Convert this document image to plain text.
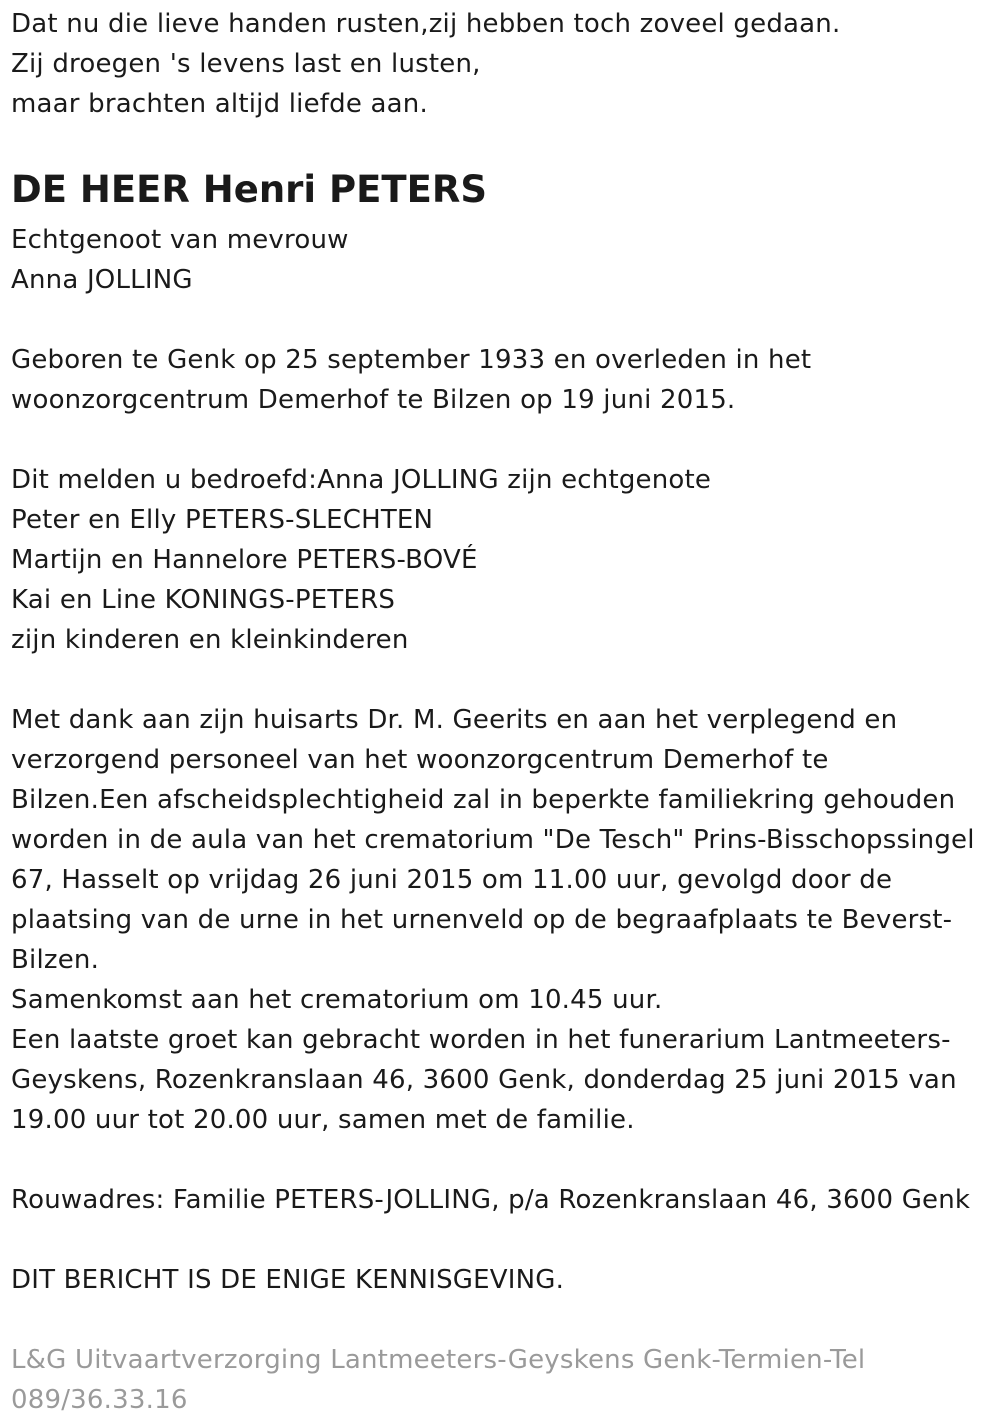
Dat nu die lieve handen rusten,zij hebben toch zoveel gedaan.
Zij droegen 's levens last en lusten,
maar brachten altijd liefde aan.
DE HEER Henri PETERS
Echtgenoot van mevrouw
Anna JOLLING
Geboren te Genk op 25 september 1933 en overleden in het
woonzorgcentrum Demerhof te Bilzen op 19 juni 2015.
Dit melden u bedroefd:Anna JOLLING zijn echtgenote
Peter en Elly PETERS-SLECHTEN
Martijn en Hannelore PETERS-BOVÉ
Kai en Line KONINGS-PETERS
zijn kinderen en kleinkinderen
Met dank aan zijn huisarts Dr. M. Geerits en aan het verplegend en
verzorgend personeel van het woonzorgcentrum Demerhof te
Bilzen.Een afscheidsplechtigheid zal in beperkte familiekring gehouden
worden in de aula van het crematorium "De Tesch" Prins-Bisschopssingel
67, Hasselt op vrijdag 26 juni 2015 om 11.00 uur, gevolgd door de
plaatsing van de urne in het urnenveld op de begraafplaats te Beverst-
Bilzen.
Samenkomst aan het crematorium om 10.45 uur.
Een laatste groet kan gebracht worden in het funerarium Lantmeeters-
Geyskens, Rozenkranslaan 46, 3600 Genk, donderdag 25 juni 2015 van
19.00 uur tot 20.00 uur, samen met de familie.
Rouwadres: Familie PETERS-JOLLING, p/a Rozenkranslaan 46, 3600 Genk
DIT BERICHT IS DE ENIGE KENNISGEVING.
L&G Uitvaartverzorging Lantmeeters-Geyskens Genk-Termien-Tel
089/36.33.16
